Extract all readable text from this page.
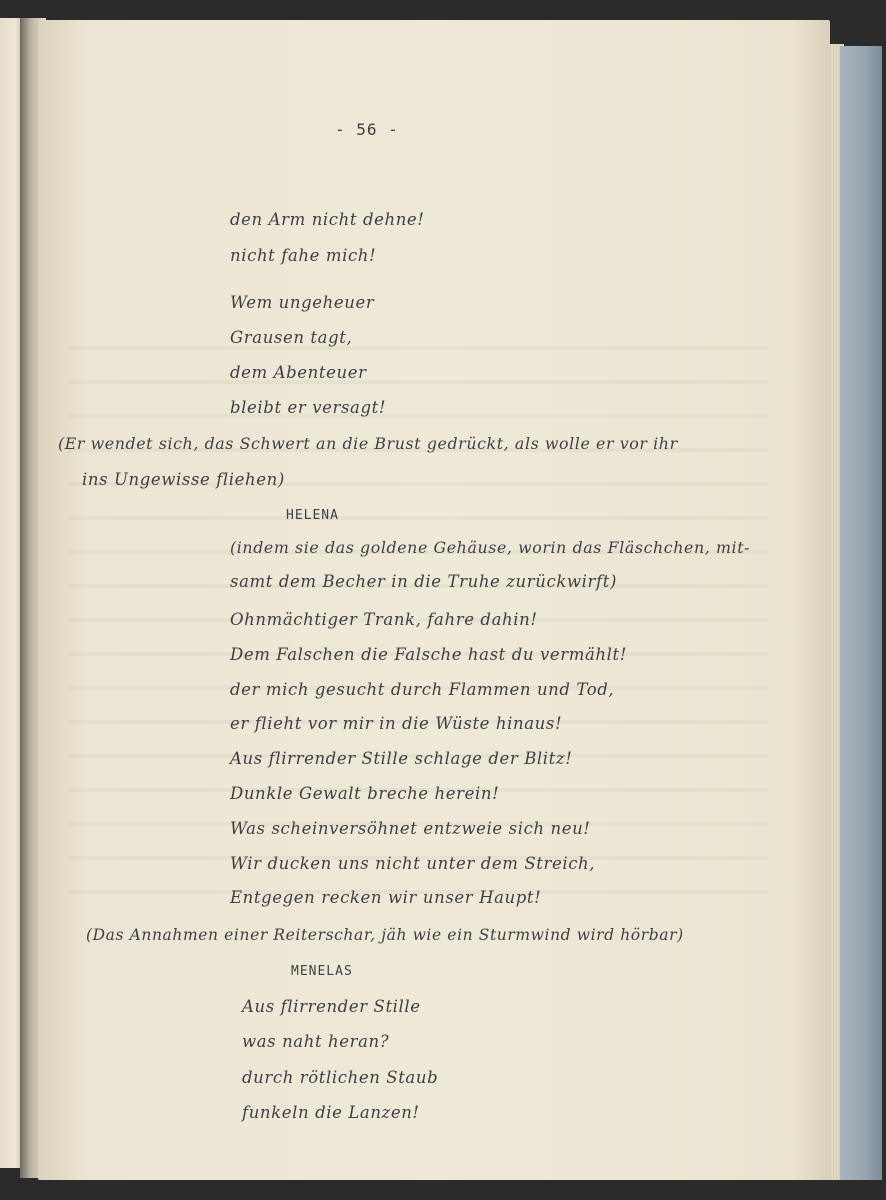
- 56 -
den Arm nicht dehne!
nicht fahe mich!
Wem ungeheuer
Grausen tagt,
dem Abenteuer
bleibt er versagt!
(Er wendet sich, das Schwert an die Brust gedrückt, als wolle er vor ihr
ins Ungewisse fliehen)
HELENA
(indem sie das goldene Gehäuse, worin das Fläschchen, mit-
samt dem Becher in die Truhe zurückwirft)
Ohnmächtiger Trank, fahre dahin!
Dem Falschen die Falsche hast du vermählt!
der mich gesucht durch Flammen und Tod,
er flieht vor mir in die Wüste hinaus!
Aus flirrender Stille schlage der Blitz!
Dunkle Gewalt breche herein!
Was scheinversöhnet entzweie sich neu!
Wir ducken uns nicht unter dem Streich,
Entgegen recken wir unser Haupt!
(Das Annahmen einer Reiterschar, jäh wie ein Sturmwind wird hörbar)
MENELAS
Aus flirrender Stille
was naht heran?
durch rötlichen Staub
funkeln die Lanzen!
